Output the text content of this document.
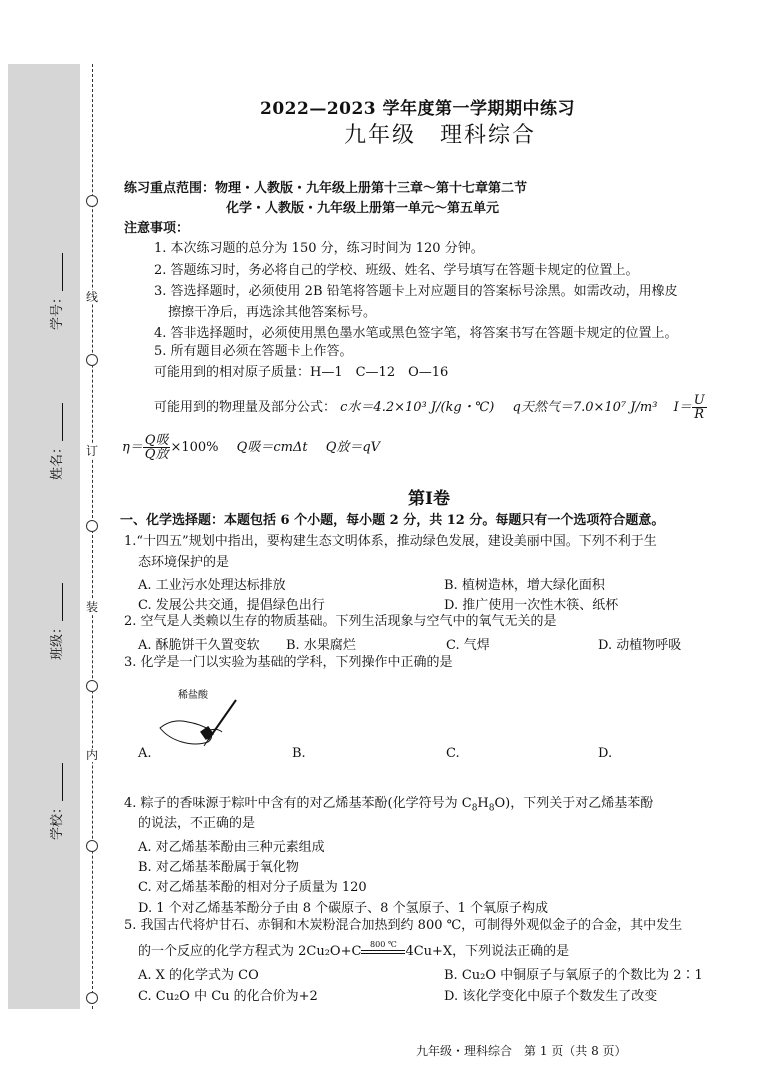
线
订
装
内
学号：
姓名：
班级：
学校：
2022—2023 学年度第一学期期中练习
九年级　理科综合
练习重点范围：物理・人教版・九年级上册第十三章～第十七章第二节
化学・人教版・九年级上册第一单元～第五单元
注意事项：
1. 本次练习题的总分为 150 分，练习时间为 120 分钟。
2. 答题练习时，务必将自己的学校、班级、姓名、学号填写在答题卡规定的位置上。
3. 答选择题时，必须使用 2B 铅笔将答题卡上对应题目的答案标号涂黑。如需改动，用橡皮
擦擦干净后，再选涂其他答案标号。
4. 答非选择题时，必须使用黑色墨水笔或黑色签字笔，将答案书写在答题卡规定的位置上。
5. 所有题目必须在答题卡上作答。
可能用到的相对原子质量：H—1　C—12　O—16
可能用到的物理量及部分公式： c水＝4.2×10³ J/(kg・℃) q天然气＝7.0×10⁷ J/m³ $I= \frac{U}{R}$
$\eta= \frac{\text{Q吸}}{\text{Q放}} \times 100\%$ Q吸＝cmΔt Q放＝qV
第Ⅰ卷
一、化学选择题：本题包括 6 个小题，每小题 2 分，共 12 分。每题只有一个选项符合题意。
1.“十四五”规划中指出，要构建生态文明体系，推动绿色发展，建设美丽中国。下列不利于生
态环境保护的是
A. 工业污水处理达标排放	B. 植树造林，增大绿化面积
C. 发展公共交通，提倡绿色出行	D. 推广使用一次性木筷、纸杯
2. 空气是人类赖以生存的物质基础。下列生活现象与空气中的氧气无关的是
A. 酥脆饼干久置变软 B. 水果腐烂	C. 气焊	D. 动植物呼吸
3. 化学是一门以实验为基础的学科，下列操作中正确的是
A.	B.	C.	D.
4. 粽子的香味源于粽叶中含有的对乙烯基苯酚(化学符号为 $C_8H_8O$)，下列关于对乙烯基苯酚
的说法，不正确的是
A. 对乙烯基苯酚由三种元素组成
B. 对乙烯基苯酚属于氧化物
C. 对乙烯基苯酚的相对分子质量为 120
D. 1 个对乙烯基苯酚分子由 8 个碳原子、8 个氢原子、1 个氧原子构成
5. 我国古代将炉甘石、赤铜和木炭粉混合加热到约 800 ℃，可制得外观似金子的合金，其中发生
的一个反应的化学方程式为 2Cu₂O+C	800 ℃ 4Cu+X，下列说法正确的是
A. X 的化学式为 CO	B. Cu₂O 中铜原子与氧原子的个数比为 2∶1
C. Cu₂O 中 Cu 的化合价为+2	D. 该化学变化中原子个数发生了改变
九年级・理科综合　第 1 页（共 8 页）
稀盐酸
